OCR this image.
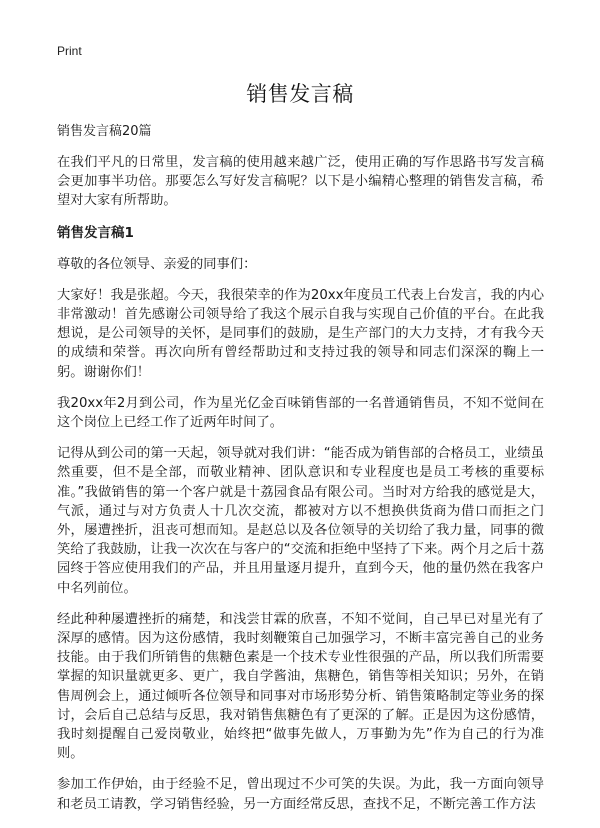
Print
销售发言稿

销售发言稿20篇

在我们平凡的日常里，发言稿的使用越来越广泛，使用正确的写作思路书写发言稿会更加事半功倍。那要怎么写好发言稿呢？以下是小编精心整理的销售发言稿，希望对大家有所帮助。

销售发言稿1

尊敬的各位领导、亲爱的同事们：

大家好！我是张超。今天，我很荣幸的作为20xx年度员工代表上台发言，我的内心非常激动！首先感谢公司领导给了我这个展示自我与实现自己价值的平台。在此我想说，是公司领导的关怀，是同事们的鼓励，是生产部门的大力支持，才有我今天的成绩和荣誉。再次向所有曾经帮助过和支持过我的领导和同志们深深的鞠上一躬。谢谢你们！

我20xx年2月到公司，作为星光亿金百味销售部的一名普通销售员，不知不觉间在这个岗位上已经工作了近两年时间了。

记得从到公司的第一天起，领导就对我们讲：“能否成为销售部的合格员工，业绩虽然重要，但不是全部，而敬业精神、团队意识和专业程度也是员工考核的重要标准。”我做销售的第一个客户就是十荔园食品有限公司。当时对方给我的感觉是大，气派，通过与对方负责人十几次交流，都被对方以不想换供货商为借口而拒之门外，屡遭挫折，沮丧可想而知。是赵总以及各位领导的关切给了我力量，同事的微笑给了我鼓励，让我一次次在与客户的“交流和拒绝中坚持了下来。两个月之后十荔园终于答应使用我们的产品，并且用量逐月提升，直到今天，他的量仍然在我客户中名列前位。

经此种种屡遭挫折的痛楚，和浅尝甘霖的欣喜，不知不觉间，自己早已对星光有了深厚的感情。因为这份感情，我时刻鞭策自己加强学习，不断丰富完善自己的业务技能。由于我们所销售的焦糖色素是一个技术专业性很强的产品，所以我们所需要掌握的知识量就更多、更广，我自学酱油，焦糖色，销售等相关知识；另外，在销售周例会上，通过倾听各位领导和同事对市场形势分析、销售策略制定等业务的探讨，会后自己总结与反思，我对销售焦糖色有了更深的了解。正是因为这份感情，我时刻提醒自己爱岗敬业，始终把“做事先做人，万事勤为先”作为自己的行为准则。

参加工作伊始，由于经验不足，曾出现过不少可笑的失误。为此，我一方面向领导和老员工请教，学习销售经验，另一方面经常反思，查找不足，不断完善工作方法
